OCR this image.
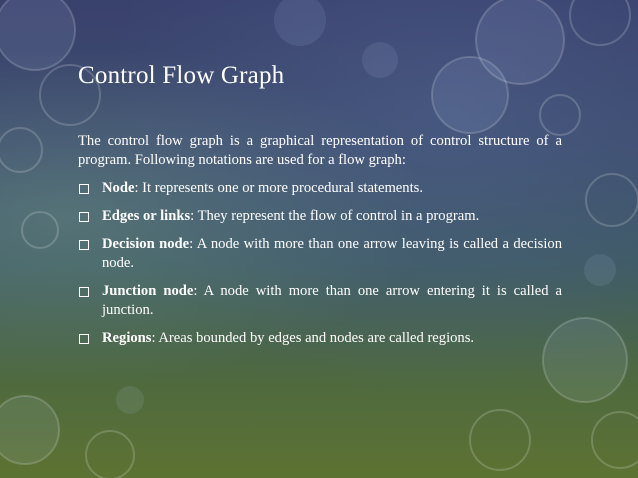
Control Flow Graph

The control flow graph is a graphical representation of control structure of a program. Following notations are used for a flow graph:

Node: It represents one or more procedural statements.
Edges or links: They represent the flow of control in a program.
Decision node: A node with more than one arrow leaving is called a decision node.
Junction node: A node with more than one arrow entering it is called a junction.
Regions: Areas bounded by edges and nodes are called regions.
